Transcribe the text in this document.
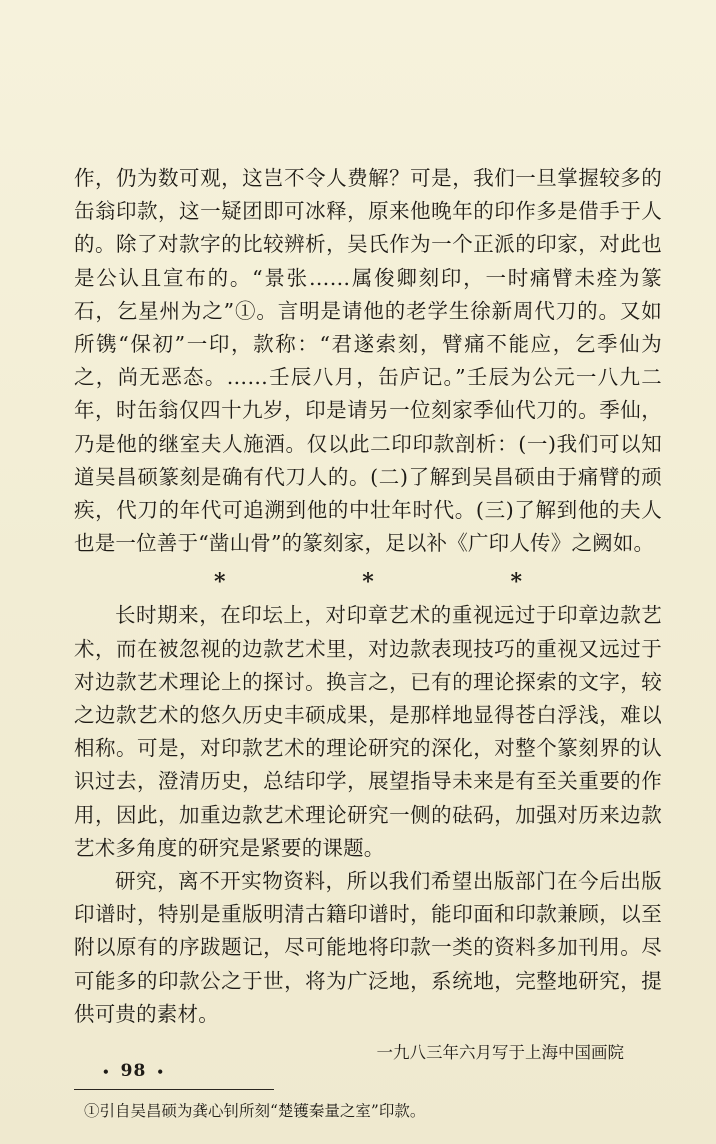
作，仍为数可观，这岂不令人费解？可是，我们一旦掌握较多的缶翁印款，这一疑团即可冰释，原来他晚年的印作多是借手于人的。除了对款字的比较辨析，吴氏作为一个正派的印家，对此也是公认且宣布的。“景张……属俊卿刻印，一时痛臂未痊为篆石，乞星州为之”①。言明是请他的老学生徐新周代刀的。又如所镌“保初”一印，款称：“君遂索刻，臂痛不能应，乞季仙为之，尚无恶态。……壬辰八月，缶庐记。”壬辰为公元一八九二年，时缶翁仅四十九岁，印是请另一位刻家季仙代刀的。季仙，乃是他的继室夫人施酒。仅以此二印印款剖析：(一)我们可以知道吴昌硕篆刻是确有代刀人的。(二)了解到吴昌硕由于痛臂的顽疾，代刀的年代可追溯到他的中壮年时代。(三)了解到他的夫人也是一位善于“凿山骨”的篆刻家，足以补《广印人传》之阙如。

*	*	*

长时期来，在印坛上，对印章艺术的重视远过于印章边款艺术，而在被忽视的边款艺术里，对边款表现技巧的重视又远过于对边款艺术理论上的探讨。换言之，已有的理论探索的文字，较之边款艺术的悠久历史丰硕成果，是那样地显得苍白浮浅，难以相称。可是，对印款艺术的理论研究的深化，对整个篆刻界的认识过去，澄清历史，总结印学，展望指导未来是有至关重要的作用，因此，加重边款艺术理论研究一侧的砝码，加强对历来边款艺术多角度的研究是紧要的课题。

研究，离不开实物资料，所以我们希望出版部门在今后出版印谱时，特别是重版明清古籍印谱时，能印面和印款兼顾，以至附以原有的序跋题记，尽可能地将印款一类的资料多加刊用。尽可能多的印款公之于世，将为广泛地，系统地，完整地研究，提供可贵的素材。

一九八三年六月写于上海中国画院
①引自吴昌硕为龚心钊所刻“楚镬秦量之室”印款。
• 98 •
